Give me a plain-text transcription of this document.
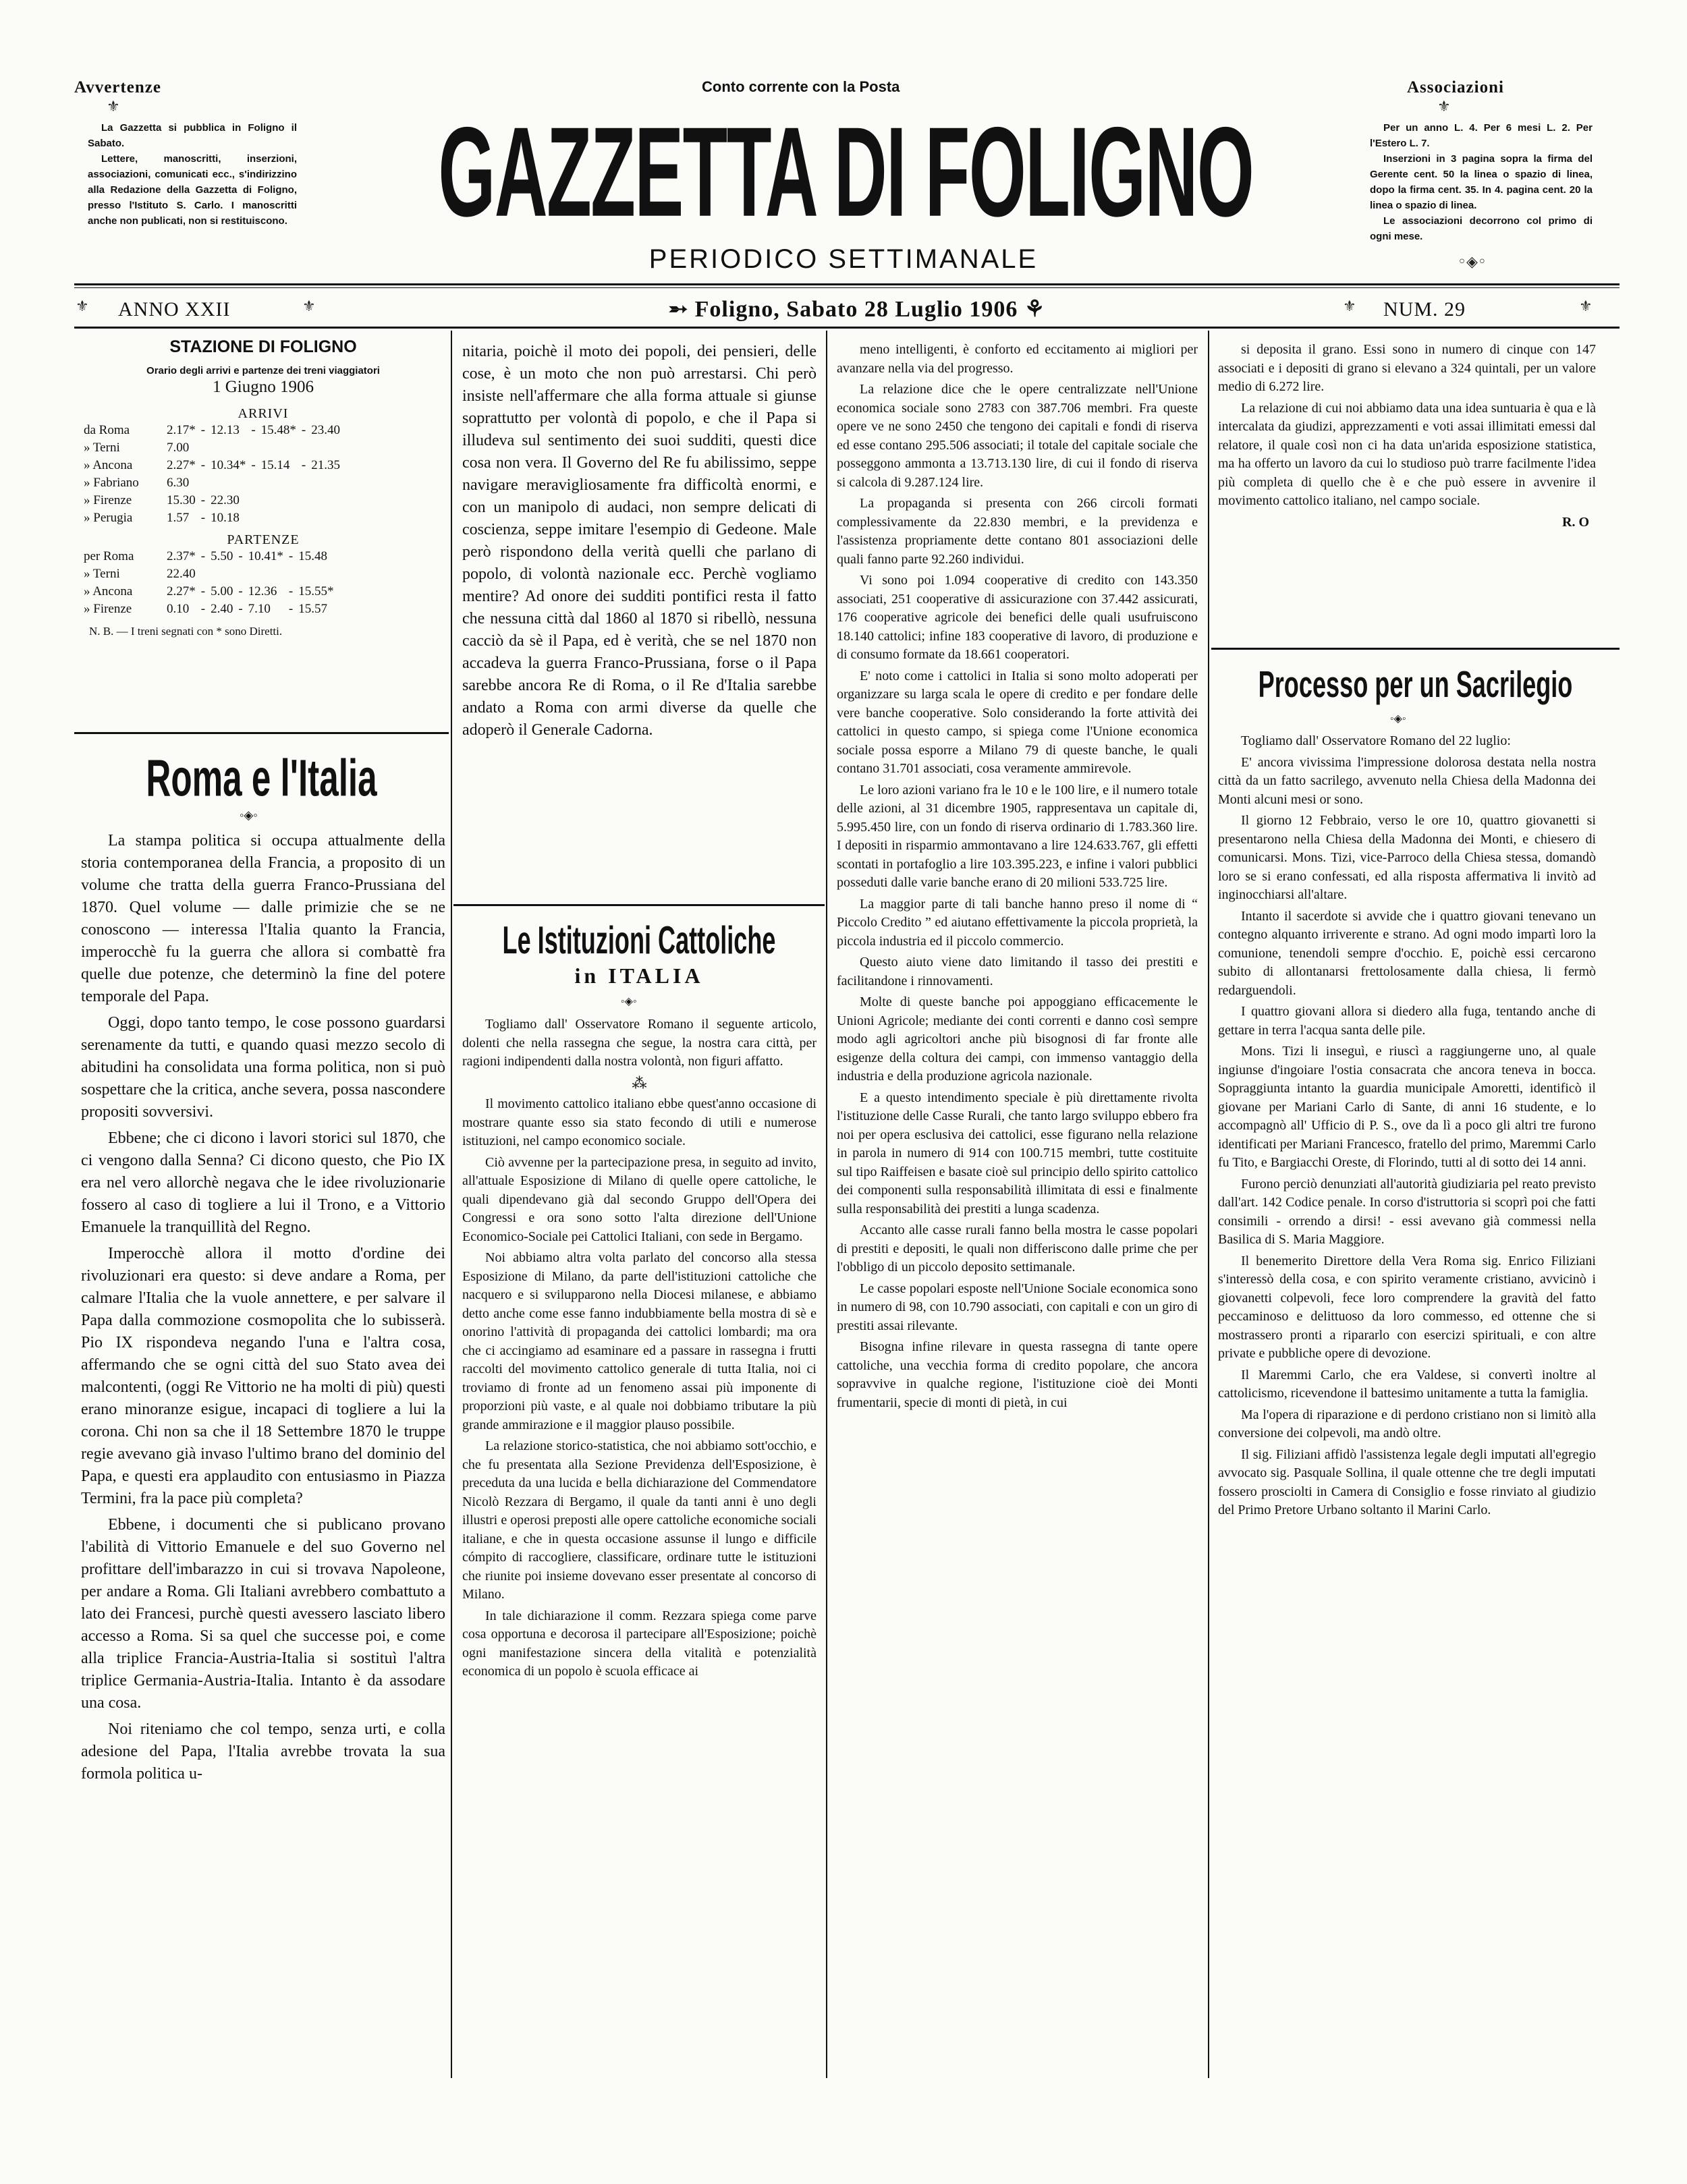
Avvertenze
⚜
Conto corrente con la Posta	Associazioni
⚜
La Gazzetta si pubblica in Foligno il Sabato.
Lettere, manoscritti, inserzioni, associazioni, comunicati ecc., s'indirizzino alla Redazione della Gazzetta di Foligno, presso l'Istituto S. Carlo. I manoscritti anche non publicati, non si restituiscono.
Per un anno L. 4. Per 6 mesi L. 2. Per l'Estero L. 7.
Inserzioni in 3 pagina sopra la firma del Gerente cent. 50 la linea o spazio di linea, dopo la firma cent. 35. In 4. pagina cent. 20 la linea o spazio di linea.
Le associazioni decorrono col primo di ogni mese.
◦◈◦
GAZZETTA DI FOLIGNO
PERIODICO SETTIMANALE
⚜ ANNO XXII	⚜	➵ Foligno, Sabato 28 Luglio 1906 ⚘	⚜ NUM. 29	⚜
STAZIONE DI FOLIGNO
Orario degli arrivi e partenze dei treni viaggiatori
1 Giugno 1906
ARRIVI
da Roma	2.17*	-	12.13	-	15.48*	-	23.40
» Terni	7.00						
» Ancona	2.27*	-	10.34*	-	15.14	-	21.35
» Fabriano	6.30						
» Firenze	15.30	-	22.30				
» Perugia	1.57	-	10.18				
PARTENZE
per Roma	2.37*	-	5.50	-	10.41*	-	15.48
» Terni	22.40						
» Ancona	2.27*	-	5.00	-	12.36	-	15.55*
» Firenze	0.10	-	2.40	-	7.10	-	15.57
N. B. — I treni segnati con * sono Diretti.
Roma e l'Italia
◦◈◦

La stampa politica si occupa attualmente della storia contemporanea della Francia, a proposito di un volume che tratta della guerra Franco-Prussiana del 1870. Quel volume — dalle primizie che se ne conoscono — interessa l'Italia quanto la Francia, imperocchè fu la guerra che allora si combattè fra quelle due potenze, che determinò la fine del potere temporale del Papa.

Oggi, dopo tanto tempo, le cose possono guardarsi serenamente da tutti, e quando quasi mezzo secolo di abitudini ha consolidata una forma politica, non si può sospettare che la critica, anche severa, possa nascondere propositi sovversivi.

Ebbene; che ci dicono i lavori storici sul 1870, che ci vengono dalla Senna? Ci dicono questo, che Pio IX era nel vero allorchè negava che le idee rivoluzionarie fossero al caso di togliere a lui il Trono, e a Vittorio Emanuele la tranquillità del Regno.

Imperocchè allora il motto d'ordine dei rivoluzionari era questo: si deve andare a Roma, per calmare l'Italia che la vuole annettere, e per salvare il Papa dalla commozione cosmopolita che lo subisserà. Pio IX rispondeva negando l'una e l'altra cosa, affermando che se ogni città del suo Stato avea dei malcontenti, (oggi Re Vittorio ne ha molti di più) questi erano minoranze esigue, incapaci di togliere a lui la corona. Chi non sa che il 18 Settembre 1870 le truppe regie avevano già invaso l'ultimo brano del dominio del Papa, e questi era applaudito con entusiasmo in Piazza Termini, fra la pace più completa?

Ebbene, i documenti che si publicano provano l'abilità di Vittorio Emanuele e del suo Governo nel profittare dell'imbarazzo in cui si trovava Napoleone, per andare a Roma. Gli Italiani avrebbero combattuto a lato dei Francesi, purchè questi avessero lasciato libero accesso a Roma. Si sa quel che successe poi, e come alla triplice Francia-Austria-Italia si sostituì l'altra triplice Germania-Austria-Italia. Intanto è da assodare una cosa.

Noi riteniamo che col tempo, senza urti, e colla adesione del Papa, l'Italia avrebbe trovata la sua formola politica u-

nitaria, poichè il moto dei popoli, dei pensieri, delle cose, è un moto che non può arrestarsi. Chi però insiste nell'affermare che alla forma attuale si giunse soprattutto per volontà di popolo, e che il Papa si illudeva sul sentimento dei suoi sudditi, questi dice cosa non vera. Il Governo del Re fu abilissimo, seppe navigare meravigliosamente fra difficoltà enormi, e con un manipolo di audaci, non sempre delicati di coscienza, seppe imitare l'esempio di Gedeone. Male però rispondono della verità quelli che parlano di popolo, di volontà nazionale ecc. Perchè vogliamo mentire? Ad onore dei sudditi pontifici resta il fatto che nessuna città dal 1860 al 1870 si ribellò, nessuna cacciò da sè il Papa, ed è verità, che se nel 1870 non accadeva la guerra Franco-Prussiana, forse o il Papa sarebbe ancora Re di Roma, o il Re d'Italia sarebbe andato a Roma con armi diverse da quelle che adoperò il Generale Cadorna.

Le Istituzioni Cattoliche
in ITALIA
◦◈◦

Togliamo dall' Osservatore Romano il seguente articolo, dolenti che nella rassegna che segue, la nostra cara città, per ragioni indipendenti dalla nostra volontà, non figuri affatto.

⁂

Il movimento cattolico italiano ebbe quest'anno occasione di mostrare quante esso sia stato fecondo di utili e numerose istituzioni, nel campo economico sociale.

Ciò avvenne per la partecipazione presa, in seguito ad invito, all'attuale Esposizione di Milano di quelle opere cattoliche, le quali dipendevano già dal secondo Gruppo dell'Opera dei Congressi e ora sono sotto l'alta direzione dell'Unione Economico-Sociale pei Cattolici Italiani, con sede in Bergamo.

Noi abbiamo altra volta parlato del concorso alla stessa Esposizione di Milano, da parte dell'istituzioni cattoliche che nacquero e si svilupparono nella Diocesi milanese, e abbiamo detto anche come esse fanno indubbiamente bella mostra di sè e onorino l'attività di propaganda dei cattolici lombardi; ma ora che ci accingiamo ad esaminare ed a passare in rassegna i frutti raccolti del movimento cattolico generale di tutta Italia, noi ci troviamo di fronte ad un fenomeno assai più imponente di proporzioni più vaste, e al quale noi dobbiamo tributare la più grande ammirazione e il maggior plauso possibile.

La relazione storico-statistica, che noi abbiamo sott'occhio, e che fu presentata alla Sezione Previdenza dell'Esposizione, è preceduta da una lucida e bella dichiarazione del Commendatore Nicolò Rezzara di Bergamo, il quale da tanti anni è uno degli illustri e operosi preposti alle opere cattoliche economiche sociali italiane, e che in questa occasione assunse il lungo e difficile cómpito di raccogliere, classificare, ordinare tutte le istituzioni che riunite poi insieme dovevano esser presentate al concorso di Milano.

In tale dichiarazione il comm. Rezzara spiega come parve cosa opportuna e decorosa il partecipare all'Esposizione; poichè ogni manifestazione sincera della vitalità e potenzialità economica di un popolo è scuola efficace ai

meno intelligenti, è conforto ed eccitamento ai migliori per avanzare nella via del progresso.

La relazione dice che le opere centralizzate nell'Unione economica sociale sono 2783 con 387.706 membri. Fra queste opere ve ne sono 2450 che tengono dei capitali e fondi di riserva ed esse contano 295.506 associati; il totale del capitale sociale che posseggono ammonta a 13.713.130 lire, di cui il fondo di riserva si calcola di 9.287.124 lire.

La propaganda si presenta con 266 circoli formati complessivamente da 22.830 membri, e la previdenza e l'assistenza propriamente dette contano 801 associazioni delle quali fanno parte 92.260 individui.

Vi sono poi 1.094 cooperative di credito con 143.350 associati, 251 cooperative di assicurazione con 37.442 assicurati, 176 cooperative agricole dei benefici delle quali usufruiscono 18.140 cattolici; infine 183 cooperative di lavoro, di produzione e di consumo formate da 18.661 cooperatori.

E' noto come i cattolici in Italia si sono molto adoperati per organizzare su larga scala le opere di credito e per fondare delle vere banche cooperative. Solo considerando la forte attività dei cattolici in questo campo, si spiega come l'Unione economica sociale possa esporre a Milano 79 di queste banche, le quali contano 31.701 associati, cosa veramente ammirevole.

Le loro azioni variano fra le 10 e le 100 lire, e il numero totale delle azioni, al 31 dicembre 1905, rappresentava un capitale di, 5.995.450 lire, con un fondo di riserva ordinario di 1.783.360 lire. I depositi in risparmio ammontavano a lire 124.633.767, gli effetti scontati in portafoglio a lire 103.395.223, e infine i valori pubblici posseduti dalle varie banche erano di 20 milioni 533.725 lire.

La maggior parte di tali banche hanno preso il nome di “ Piccolo Credito ” ed aiutano effettivamente la piccola proprietà, la piccola industria ed il piccolo commercio.

Questo aiuto viene dato limitando il tasso dei prestiti e facilitandone i rinnovamenti.

Molte di queste banche poi appoggiano efficacemente le Unioni Agricole; mediante dei conti correnti e danno così sempre modo agli agricoltori anche più bisognosi di far fronte alle esigenze della coltura dei campi, con immenso vantaggio della industria e della produzione agricola nazionale.

E a questo intendimento speciale è più direttamente rivolta l'istituzione delle Casse Rurali, che tanto largo sviluppo ebbero fra noi per opera esclusiva dei cattolici, esse figurano nella relazione in parola in numero di 914 con 100.715 membri, tutte costituite sul tipo Raiffeisen e basate cioè sul principio dello spirito cattolico dei componenti sulla responsabilità illimitata di essi e finalmente sulla responsabilità dei prestiti a lunga scadenza.

Accanto alle casse rurali fanno bella mostra le casse popolari di prestiti e depositi, le quali non differiscono dalle prime che per l'obbligo di un piccolo deposito settimanale.

Le casse popolari esposte nell'Unione Sociale economica sono in numero di 98, con 10.790 associati, con capitali e con un giro di prestiti assai rilevante.

Bisogna infine rilevare in questa rassegna di tante opere cattoliche, una vecchia forma di credito popolare, che ancora sopravvive in qualche regione, l'istituzione cioè dei Monti frumentarii, specie di monti di pietà, in cui

si deposita il grano. Essi sono in numero di cinque con 147 associati e i depositi di grano si elevano a 324 quintali, per un valore medio di 6.272 lire.

La relazione di cui noi abbiamo data una idea suntuaria è qua e là intercalata da giudizi, apprezzamenti e voti assai illimitati emessi dal relatore, il quale così non ci ha data un'arida esposizione statistica, ma ha offerto un lavoro da cui lo studioso può trarre facilmente l'idea più completa di quello che è e che può essere in avvenire il movimento cattolico italiano, nel campo sociale.

R. O

Processo per un Sacrilegio
◦◈◦

Togliamo dall' Osservatore Romano del 22 luglio:

E' ancora vivissima l'impressione dolorosa destata nella nostra città da un fatto sacrilego, avvenuto nella Chiesa della Madonna dei Monti alcuni mesi or sono.

Il giorno 12 Febbraio, verso le ore 10, quattro giovanetti si presentarono nella Chiesa della Madonna dei Monti, e chiesero di comunicarsi. Mons. Tizi, vice-Parroco della Chiesa stessa, domandò loro se si erano confessati, ed alla risposta affermativa li invitò ad inginocchiarsi all'altare.

Intanto il sacerdote si avvide che i quattro giovani tenevano un contegno alquanto irriverente e strano. Ad ogni modo impartì loro la comunione, tenendoli sempre d'occhio. E, poichè essi cercarono subito di allontanarsi frettolosamente dalla chiesa, li fermò redarguendoli.

I quattro giovani allora si diedero alla fuga, tentando anche di gettare in terra l'acqua santa delle pile.

Mons. Tizi li inseguì, e riuscì a raggiungerne uno, al quale ingiunse d'ingoiare l'ostia consacrata che ancora teneva in bocca. Sopraggiunta intanto la guardia municipale Amoretti, identificò il giovane per Mariani Carlo di Sante, di anni 16 studente, e lo accompagnò all' Ufficio di P. S., ove da lì a poco gli altri tre furono identificati per Mariani Francesco, fratello del primo, Maremmi Carlo fu Tito, e Bargiacchi Oreste, di Florindo, tutti al di sotto dei 14 anni.

Furono perciò denunziati all'autorità giudiziaria pel reato previsto dall'art. 142 Codice penale. In corso d'istruttoria si scoprì poi che fatti consimili - orrendo a dirsi! - essi avevano già commessi nella Basilica di S. Maria Maggiore.

Il benemerito Direttore della Vera Roma sig. Enrico Filiziani s'interessò della cosa, e con spirito veramente cristiano, avvicinò i giovanetti colpevoli, fece loro comprendere la gravità del fatto peccaminoso e delittuoso da loro commesso, ed ottenne che si mostrassero pronti a ripararlo con esercizi spirituali, e con altre private e pubbliche opere di devozione.

Il Maremmi Carlo, che era Valdese, si convertì inoltre al cattolicismo, ricevendone il battesimo unitamente a tutta la famiglia.

Ma l'opera di riparazione e di perdono cristiano non si limitò alla conversione dei colpevoli, ma andò oltre.

Il sig. Filiziani affidò l'assistenza legale degli imputati all'egregio avvocato sig. Pasquale Sollina, il quale ottenne che tre degli imputati fossero prosciolti in Camera di Consiglio e fosse rinviato al giudizio del Primo Pretore Urbano soltanto il Marini Carlo.
